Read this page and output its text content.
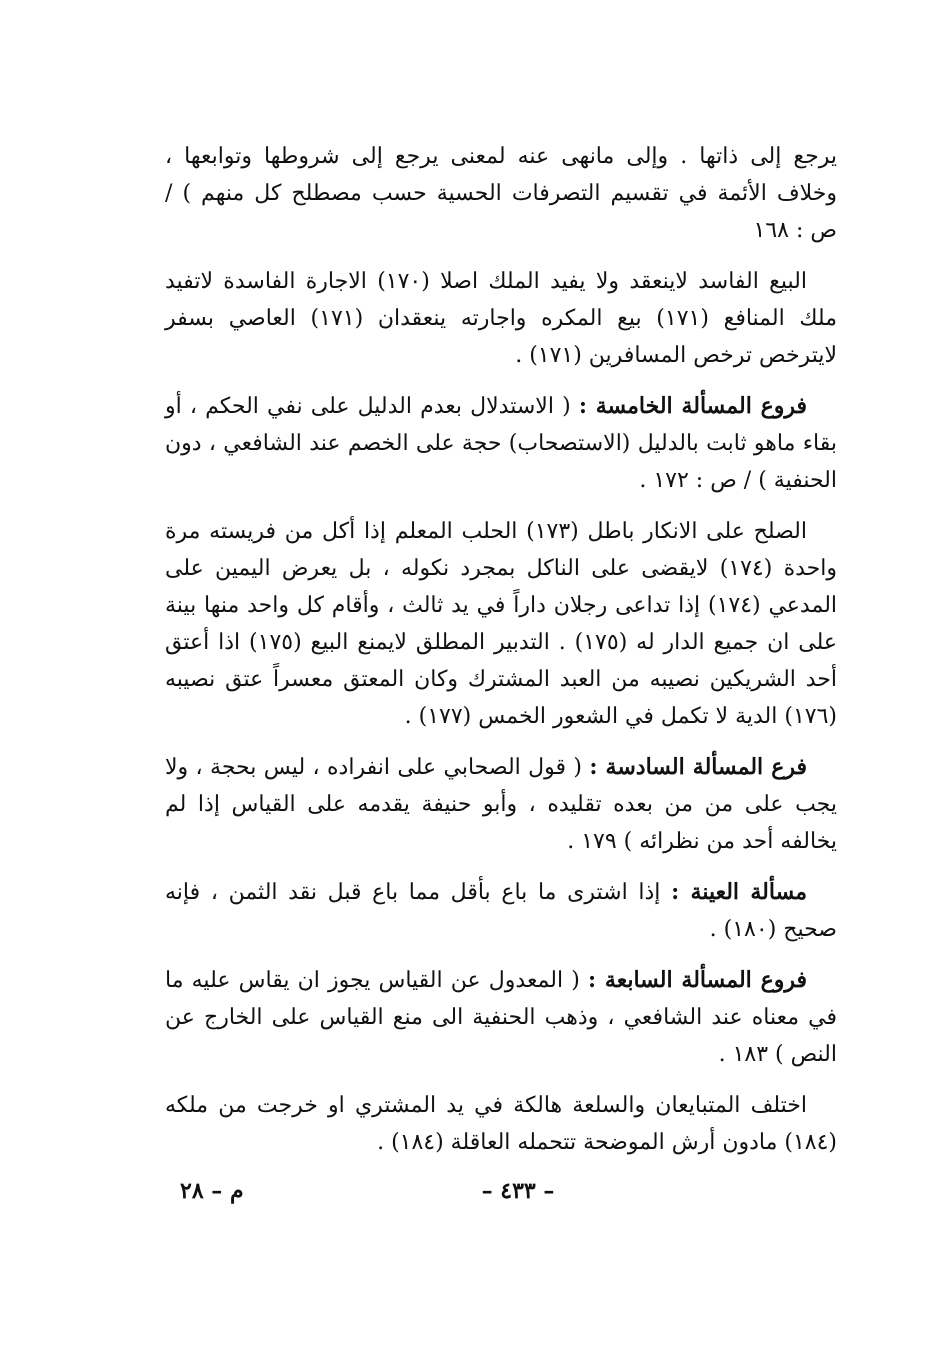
يرجع إلى ذاتها . وإلى مانهى عنه لمعنى يرجع إلى شروطها وتوابعها ، وخلاف الأئمة في تقسيم التصرفات الحسية حسب مصطلح كل منهم ) / ص : ١٦٨

البيع الفاسد لاينعقد ولا يفيد الملك اصلا (١٧٠) الاجارة الفاسدة لاتفيد ملك المنافع (١٧١) بيع المكره واجارته ينعقدان (١٧١) العاصي بسفر لايترخص ترخص المسافرين (١٧١) .

فروع المسألة الخامسة : ( الاستدلال بعدم الدليل على نفي الحكم ، أو بقاء ماهو ثابت بالدليل (الاستصحاب) حجة على الخصم عند الشافعي ، دون الحنفية ) / ص : ١٧٢ .

الصلح على الانكار باطل (١٧٣) الحلب المعلم إذا أكل من فريسته مرة واحدة (١٧٤) لايقضى على الناكل بمجرد نكوله ، بل يعرض اليمين على المدعي (١٧٤) إذا تداعى رجلان داراً في يد ثالث ، وأقام كل واحد منها بينة على ان جميع الدار له (١٧٥) . التدبير المطلق لايمنع البيع (١٧٥) اذا أعتق أحد الشريكين نصيبه من العبد المشترك وكان المعتق معسراً عتق نصيبه (١٧٦) الدية لا تكمل في الشعور الخمس (١٧٧) .

فرع المسألة السادسة : ( قول الصحابي على انفراده ، ليس بحجة ، ولا يجب على من من بعده تقليده ، وأبو حنيفة يقدمه على القياس إذا لم يخالفه أحد من نظرائه ) ١٧٩ .

مسألة العينة : إذا اشترى ما باع بأقل مما باع قبل نقد الثمن ، فإنه صحيح (١٨٠) .

فروع المسألة السابعة : ( المعدول عن القياس يجوز ان يقاس عليه ما في معناه عند الشافعي ، وذهب الحنفية الى منع القياس على الخارج عن النص ) ١٨٣ .

اختلف المتبايعان والسلعة هالكة في يد المشتري او خرجت من ملكه (١٨٤) مادون أرش الموضحة تتحمله العاقلة (١٨٤) .

– ٤٣٣ –
م – ٢٨
